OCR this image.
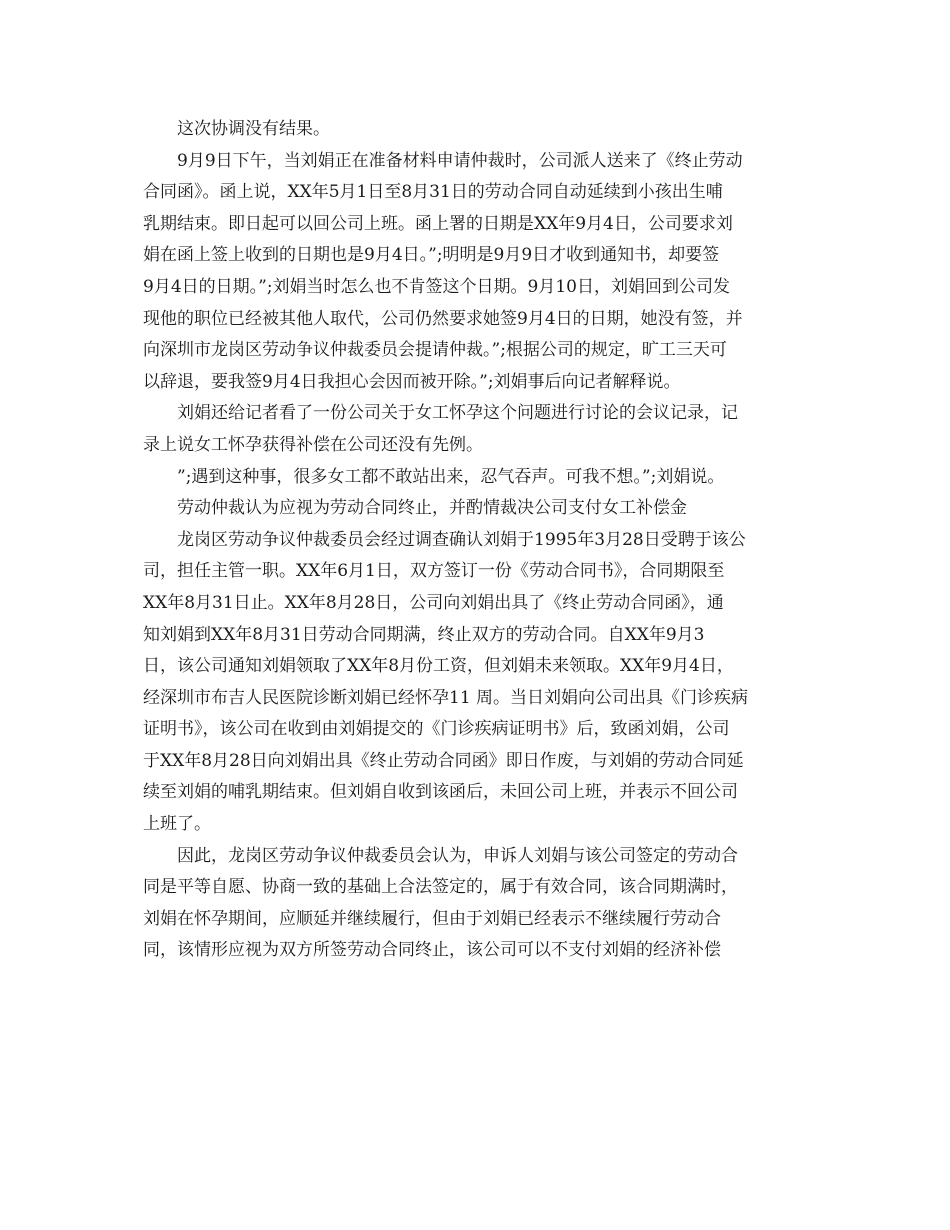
这次协调没有结果。
9月9日下午，当刘娟正在准备材料申请仲裁时，公司派人送来了《终止劳动
合同函》。函上说，XX年5月1日至8月31日的劳动合同自动延续到小孩出生哺
乳期结束。即日起可以回公司上班。函上署的日期是XX年9月4日，公司要求刘
娟在函上签上收到的日期也是9月4日。”;明明是9月9日才收到通知书，却要签
9月4日的日期。”;刘娟当时怎么也不肯签这个日期。9月10日，刘娟回到公司发
现他的职位已经被其他人取代，公司仍然要求她签9月4日的日期，她没有签，并
向深圳市龙岗区劳动争议仲裁委员会提请仲裁。”;根据公司的规定，旷工三天可
以辞退，要我签9月4日我担心会因而被开除。”;刘娟事后向记者解释说。
刘娟还给记者看了一份公司关于女工怀孕这个问题进行讨论的会议记录，记
录上说女工怀孕获得补偿在公司还没有先例。
”;遇到这种事，很多女工都不敢站出来，忍气吞声。可我不想。”;刘娟说。
劳动仲裁认为应视为劳动合同终止，并酌情裁决公司支付女工补偿金
龙岗区劳动争议仲裁委员会经过调查确认刘娟于1995年3月28日受聘于该公
司，担任主管一职。XX年6月1日，双方签订一份《劳动合同书》，合同期限至
XX年8月31日止。XX年8月28日，公司向刘娟出具了《终止劳动合同函》，通
知刘娟到XX年8月31日劳动合同期满，终止双方的劳动合同。自XX年9月3
日，该公司通知刘娟领取了XX年8月份工资，但刘娟未来领取。XX年9月4日，
经深圳市布吉人民医院诊断刘娟已经怀孕11 周。当日刘娟向公司出具《门诊疾病
证明书》，该公司在收到由刘娟提交的《门诊疾病证明书》后，致函刘娟，公司
于XX年8月28日向刘娟出具《终止劳动合同函》即日作废，与刘娟的劳动合同延
续至刘娟的哺乳期结束。但刘娟自收到该函后，未回公司上班，并表示不回公司
上班了。
因此，龙岗区劳动争议仲裁委员会认为，申诉人刘娟与该公司签定的劳动合
同是平等自愿、协商一致的基础上合法签定的，属于有效合同，该合同期满时，
刘娟在怀孕期间，应顺延并继续履行，但由于刘娟已经表示不继续履行劳动合
同，该情形应视为双方所签劳动合同终止，该公司可以不支付刘娟的经济补偿
